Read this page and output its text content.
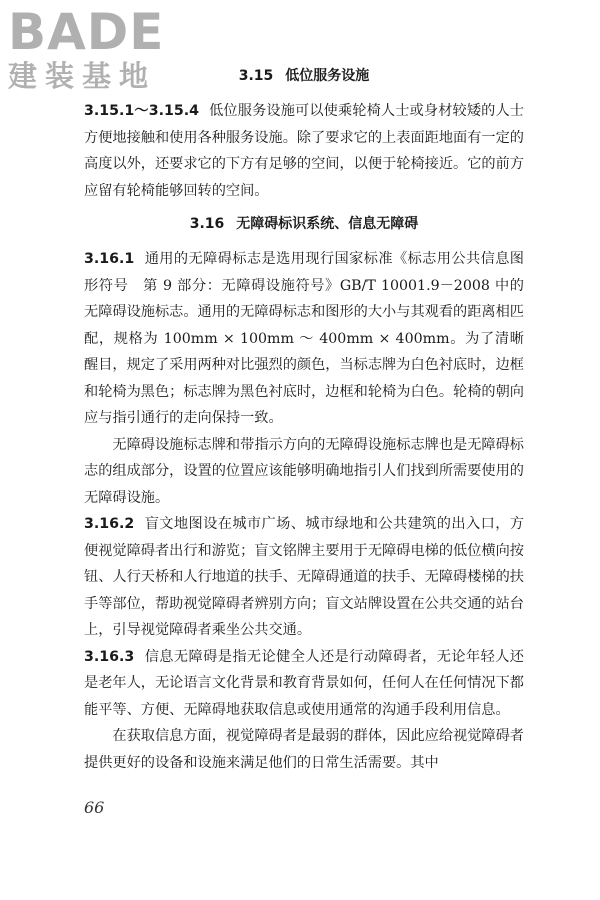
BADE
建装基地	3.15 低位服务设施

3.15.1～3.15.4 低位服务设施可以使乘轮椅人士或身材较矮的人士方便地接触和使用各种服务设施。除了要求它的上表面距地面有一定的高度以外，还要求它的下方有足够的空间，以便于轮椅接近。它的前方应留有轮椅能够回转的空间。

3.16 无障碍标识系统、信息无障碍

3.16.1 通用的无障碍标志是选用现行国家标准《标志用公共信息图形符号　第 9 部分：无障碍设施符号》GB/T 10001.9－2008 中的无障碍设施标志。通用的无障碍标志和图形的大小与其观看的距离相匹配，规格为 100mm × 100mm ～ 400mm × 400mm。为了清晰醒目，规定了采用两种对比强烈的颜色，当标志牌为白色衬底时，边框和轮椅为黑色；标志牌为黑色衬底时，边框和轮椅为白色。轮椅的朝向应与指引通行的走向保持一致。

无障碍设施标志牌和带指示方向的无障碍设施标志牌也是无障碍标志的组成部分，设置的位置应该能够明确地指引人们找到所需要使用的无障碍设施。

3.16.2 盲文地图设在城市广场、城市绿地和公共建筑的出入口，方便视觉障碍者出行和游览；盲文铭牌主要用于无障碍电梯的低位横向按钮、人行天桥和人行地道的扶手、无障碍通道的扶手、无障碍楼梯的扶手等部位，帮助视觉障碍者辨别方向；盲文站牌设置在公共交通的站台上，引导视觉障碍者乘坐公共交通。

3.16.3 信息无障碍是指无论健全人还是行动障碍者，无论年轻人还是老年人，无论语言文化背景和教育背景如何，任何人在任何情况下都能平等、方便、无障碍地获取信息或使用通常的沟通手段利用信息。

在获取信息方面，视觉障碍者是最弱的群体，因此应给视觉障碍者提供更好的设备和设施来满足他们的日常生活需要。其中

66
